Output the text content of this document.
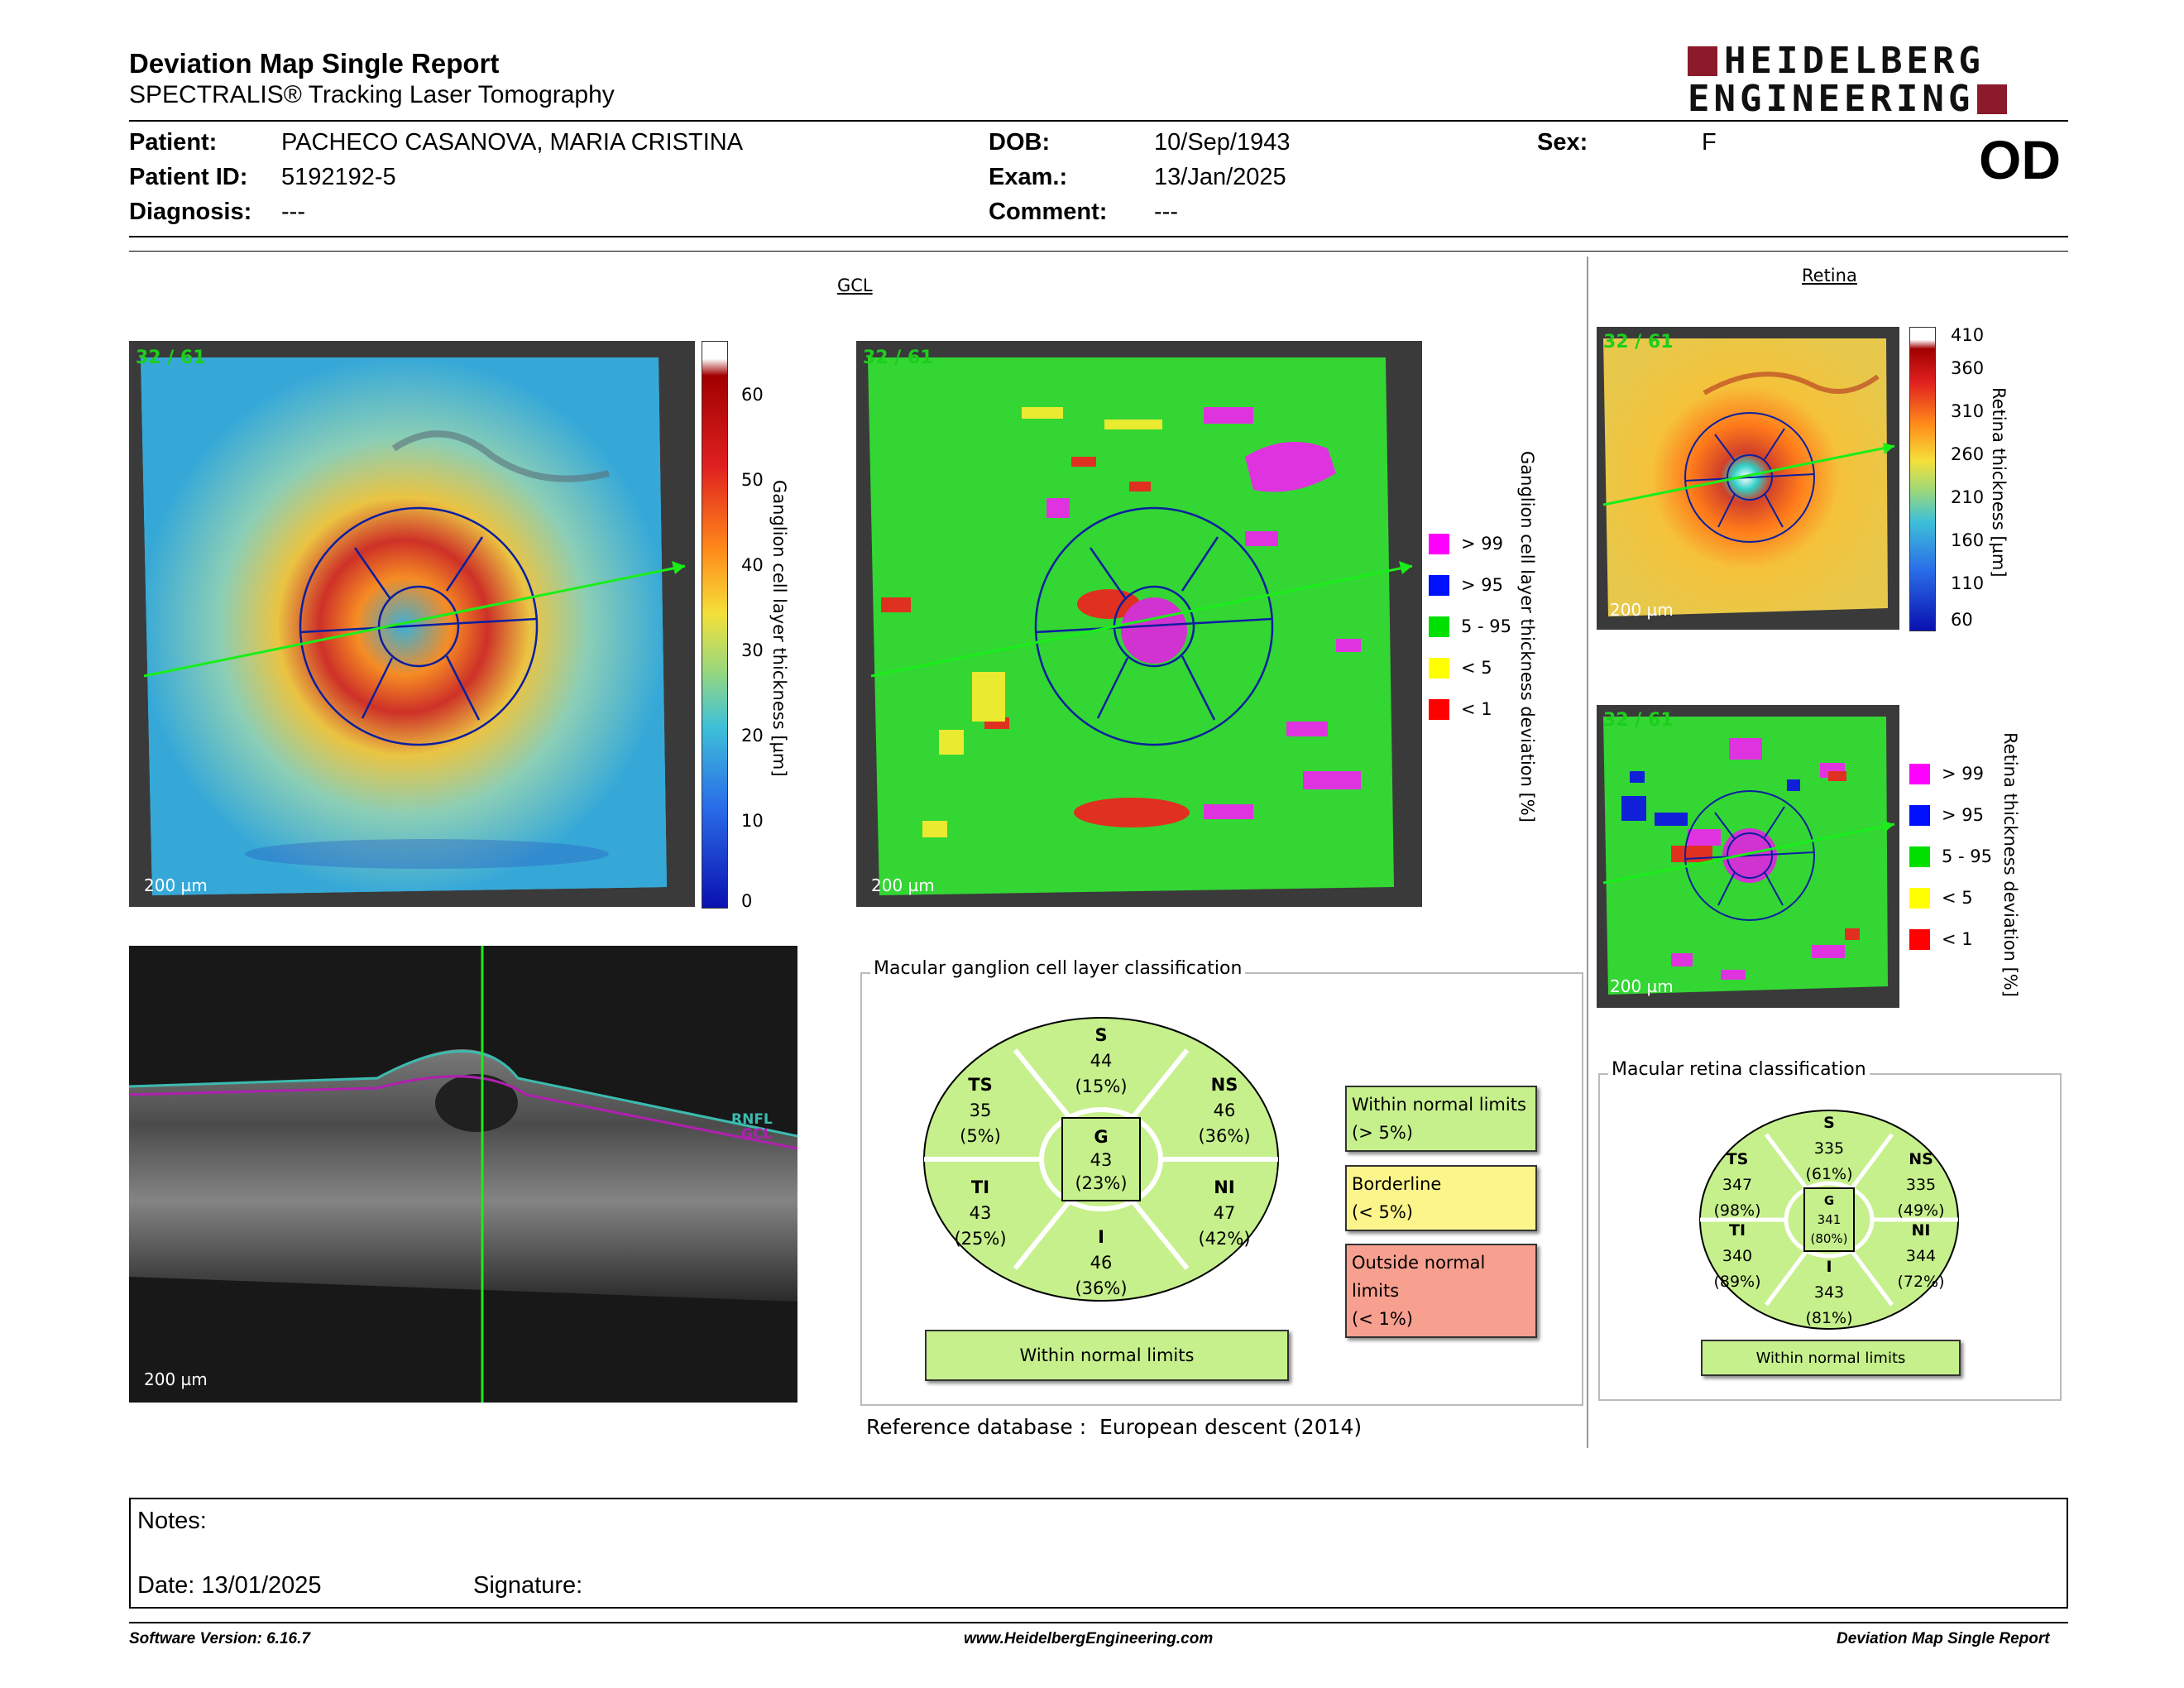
Deviation Map Single Report
SPECTRALIS® Tracking Laser Tomography
HEIDELBERG
ENGINEERING
Patient:	PACHECO CASANOVA, MARIA CRISTINA
Patient ID: 5192192-5
Diagnosis: ---
DOB:	10/Sep/1943
Exam.:	13/Jan/2025
Comment: ---
Sex:	F	OD
GCL
32 / 61
200 µm
60
50
40
30
20
10
0
Ganglion cell layer thickness [µm]
32 / 61
200 µm
> 99
> 95
5 - 95
< 5
< 1 Ganglion cell layer thickness deviation [%]
RNFL
GCL
200 µm
Macular ganglion cell layer classification
S
44
(15%)
TS
35
(5%)
NS
46
(36%)
G
43
(23%)
TI
43
(25%)
NI
47
(42%)
I
46
(36%)
Within normal limits
Within normal limits
(> 5%)
Borderline
(< 5%)
Outside normal limits
(< 1%)
Reference database : European descent (2014)
Retina
32 / 61
200 µm
410
360
310
260
210
160
110
60
Retina thickness [µm]
32 / 61
200 µm
> 99
> 95
5 - 95
< 5
< 1 Retina thickness deviation [%]
Macular retina classification
S
335
(61%)
TS
347
(98%)
NS
335
(49%)
G
341
(80%)
TI
340
(89%)
NI
344
(72%)
I
343
(81%)
Within normal limits
Notes:
Date: 13/01/2025	Signature:
Software Version: 6.16.7	www.HeidelbergEngineering.com	Deviation Map Single Report
